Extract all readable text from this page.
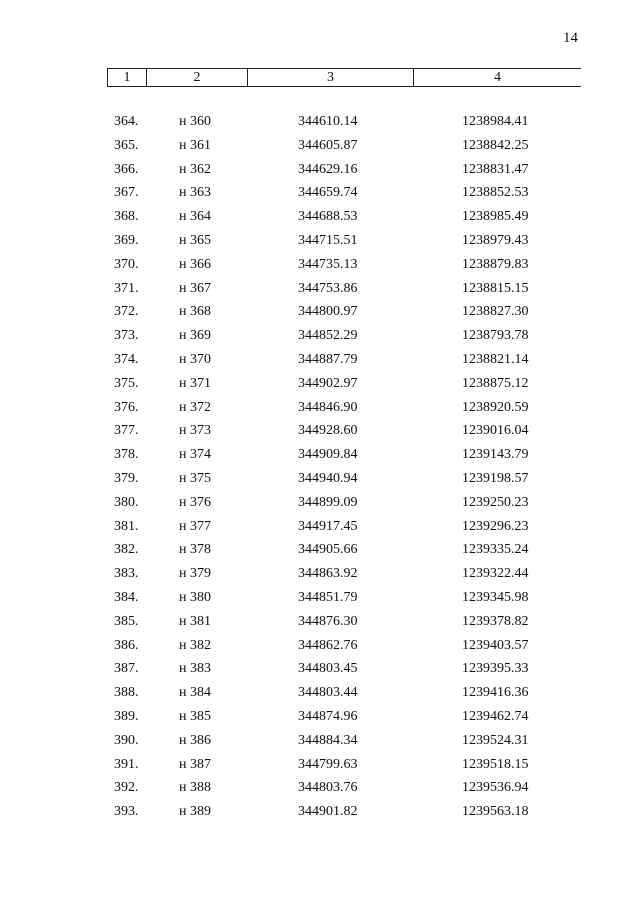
14
1	2	3	4
364.	н 360	344610.14	1238984.41
365.	н 361	344605.87	1238842.25
366.	н 362	344629.16	1238831.47
367.	н 363	344659.74	1238852.53
368.	н 364	344688.53	1238985.49
369.	н 365	344715.51	1238979.43
370.	н 366	344735.13	1238879.83
371.	н 367	344753.86	1238815.15
372.	н 368	344800.97	1238827.30
373.	н 369	344852.29	1238793.78
374.	н 370	344887.79	1238821.14
375.	н 371	344902.97	1238875.12
376.	н 372	344846.90	1238920.59
377.	н 373	344928.60	1239016.04
378.	н 374	344909.84	1239143.79
379.	н 375	344940.94	1239198.57
380.	н 376	344899.09	1239250.23
381.	н 377	344917.45	1239296.23
382.	н 378	344905.66	1239335.24
383.	н 379	344863.92	1239322.44
384.	н 380	344851.79	1239345.98
385.	н 381	344876.30	1239378.82
386.	н 382	344862.76	1239403.57
387.	н 383	344803.45	1239395.33
388.	н 384	344803.44	1239416.36
389.	н 385	344874.96	1239462.74
390.	н 386	344884.34	1239524.31
391.	н 387	344799.63	1239518.15
392.	н 388	344803.76	1239536.94
393.	н 389	344901.82	1239563.18
